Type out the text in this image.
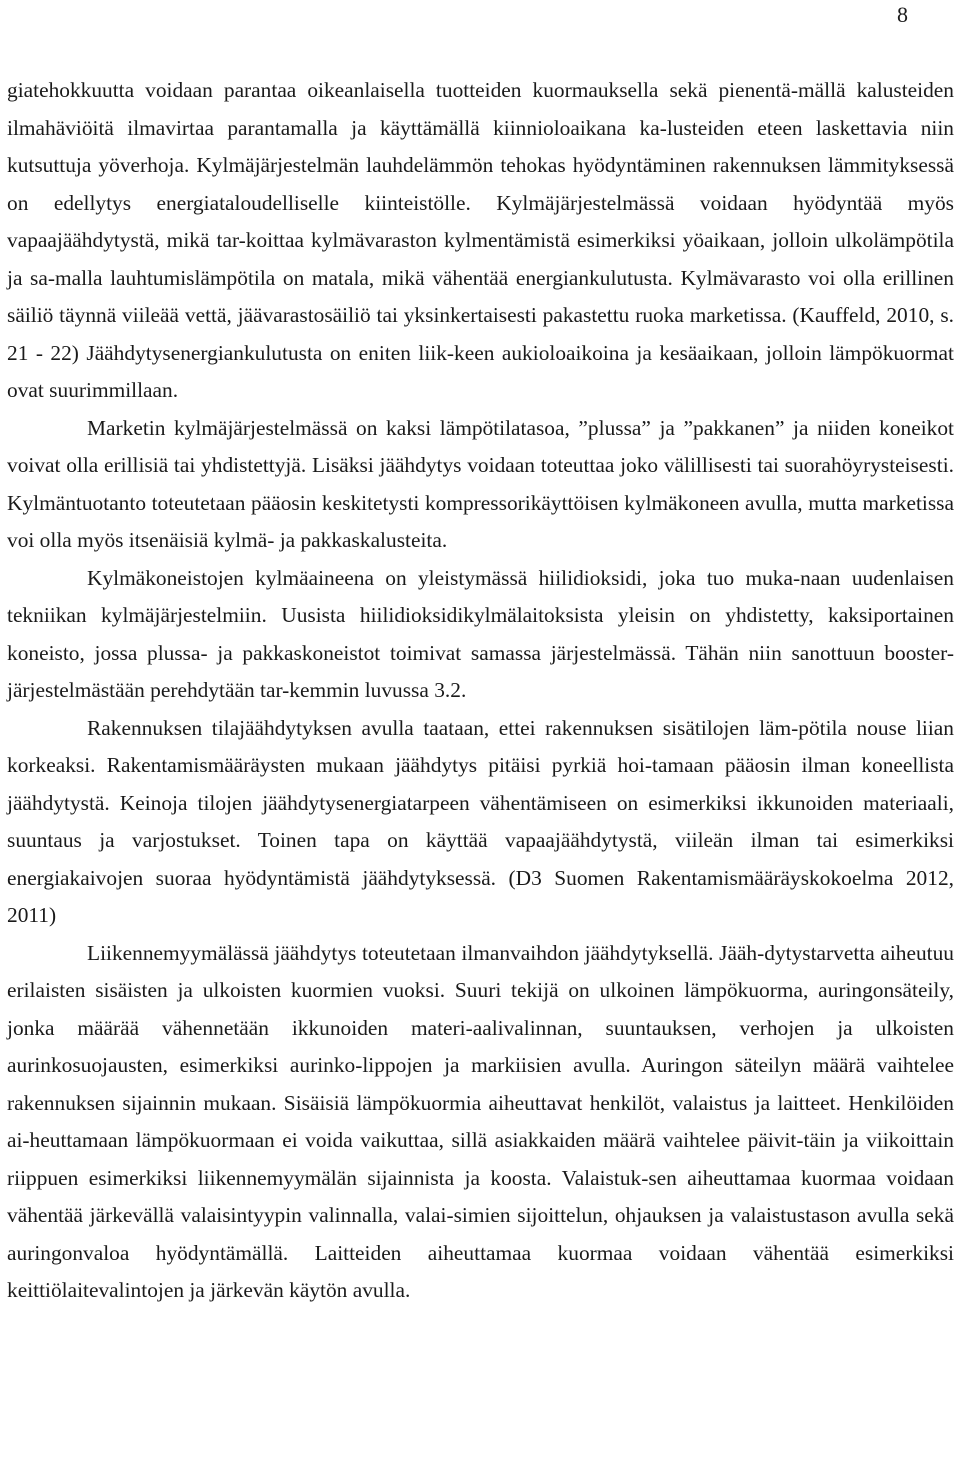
8

giatehokkuutta voidaan parantaa oikeanlaisella tuotteiden kuormauksella sekä pienentä-mällä kalusteiden ilmahäviöitä ilmavirtaa parantamalla ja käyttämällä kiinnioloaikana ka-lusteiden eteen laskettavia niin kutsuttuja yöverhoja. Kylmäjärjestelmän lauhdelämmön tehokas hyödyntäminen rakennuksen lämmityksessä on edellytys energiataloudelliselle kiinteistölle. Kylmäjärjestelmässä voidaan hyödyntää myös vapaajäähdytystä, mikä tar-koittaa kylmävaraston kylmentämistä esimerkiksi yöaikaan, jolloin ulkolämpötila ja sa-malla lauhtumislämpötila on matala, mikä vähentää energiankulutusta. Kylmävarasto voi olla erillinen säiliö täynnä viileää vettä, jäävarastosäiliö tai yksinkertaisesti pakastettu ruoka marketissa. (Kauffeld, 2010, s. 21 - 22) Jäähdytysenergiankulutusta on eniten liik-keen aukioloaikoina ja kesäaikaan, jolloin lämpökuormat ovat suurimmillaan.

Marketin kylmäjärjestelmässä on kaksi lämpötilatasoa, ”plussa” ja ”pakkanen” ja niiden koneikot voivat olla erillisiä tai yhdistettyjä. Lisäksi jäähdytys voidaan toteuttaa joko välillisesti tai suorahöyrysteisesti. Kylmäntuotanto toteutetaan pääosin keskitetysti kompressorikäyttöisen kylmäkoneen avulla, mutta marketissa voi olla myös itsenäisiä kylmä- ja pakkaskalusteita.

Kylmäkoneistojen kylmäaineena on yleistymässä hiilidioksidi, joka tuo muka-naan uudenlaisen tekniikan kylmäjärjestelmiin. Uusista hiilidioksidikylmälaitoksista yleisin on yhdistetty, kaksiportainen koneisto, jossa plussa- ja pakkaskoneistot toimivat samassa järjestelmässä. Tähän niin sanottuun booster-järjestelmästään perehdytään tar-kemmin luvussa 3.2.

Rakennuksen tilajäähdytyksen avulla taataan, ettei rakennuksen sisätilojen läm-pötila nouse liian korkeaksi. Rakentamismääräysten mukaan jäähdytys pitäisi pyrkiä hoi-tamaan pääosin ilman koneellista jäähdytystä. Keinoja tilojen jäähdytysenergiatarpeen vähentämiseen on esimerkiksi ikkunoiden materiaali, suuntaus ja varjostukset. Toinen tapa on käyttää vapaajäähdytystä, viileän ilman tai esimerkiksi energiakaivojen suoraa hyödyntämistä jäähdytyksessä. (D3 Suomen Rakentamismääräyskokoelma 2012, 2011)

Liikennemyymälässä jäähdytys toteutetaan ilmanvaihdon jäähdytyksellä. Jääh-dytystarvetta aiheutuu erilaisten sisäisten ja ulkoisten kuormien vuoksi. Suuri tekijä on ulkoinen lämpökuorma, auringonsäteily, jonka määrää vähennetään ikkunoiden materi-aalivalinnan, suuntauksen, verhojen ja ulkoisten aurinkosuojausten, esimerkiksi aurinko-lippojen ja markiisien avulla. Auringon säteilyn määrä vaihtelee rakennuksen sijainnin mukaan. Sisäisiä lämpökuormia aiheuttavat henkilöt, valaistus ja laitteet. Henkilöiden ai-heuttamaan lämpökuormaan ei voida vaikuttaa, sillä asiakkaiden määrä vaihtelee päivit-täin ja viikoittain riippuen esimerkiksi liikennemyymälän sijainnista ja koosta. Valaistuk-sen aiheuttamaa kuormaa voidaan vähentää järkevällä valaisintyypin valinnalla, valai-simien sijoittelun, ohjauksen ja valaistustason avulla sekä auringonvaloa hyödyntämällä. Laitteiden aiheuttamaa kuormaa voidaan vähentää esimerkiksi keittiölaitevalintojen ja järkevän käytön avulla.
